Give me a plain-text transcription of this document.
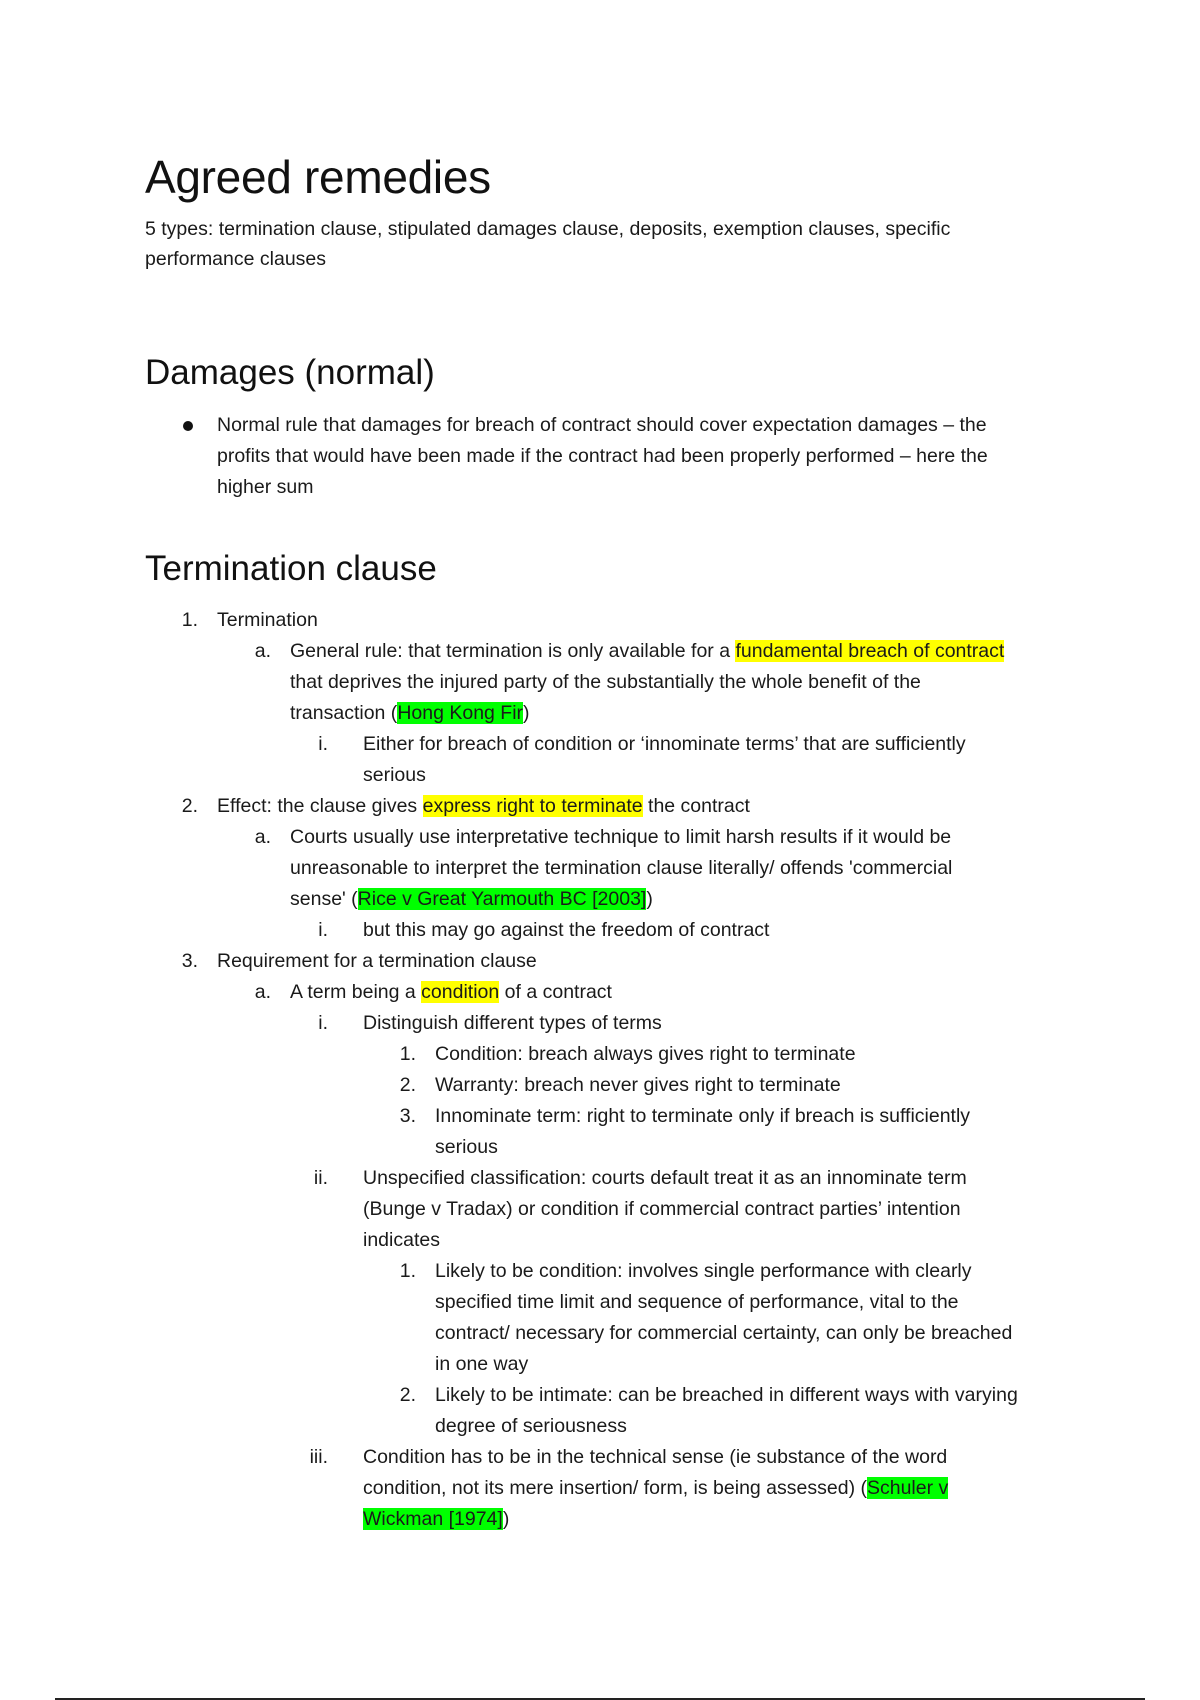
Agreed remedies
5 types: termination clause, stipulated damages clause, deposits, exemption clauses, specific
performance clauses
Damages (normal)
Normal rule that damages for breach of contract should cover expectation damages – the
profits that would have been made if the contract had been properly performed – here the
higher sum
Termination clause
1. Termination
a. General rule: that termination is only available for a fundamental breach of contract
that deprives the injured party of the substantially the whole benefit of the
transaction (Hong Kong Fir)
i. Either for breach of condition or ‘innominate terms’ that are sufficiently
serious
2. Effect: the clause gives express right to terminate the contract
a. Courts usually use interpretative technique to limit harsh results if it would be
unreasonable to interpret the termination clause literally/ offends 'commercial
sense' (Rice v Great Yarmouth BC [2003])
i. but this may go against the freedom of contract
3. Requirement for a termination clause
a. A term being a condition of a contract
i. Distinguish different types of terms
1. Condition: breach always gives right to terminate
2. Warranty: breach never gives right to terminate
3. Innominate term: right to terminate only if breach is sufficiently
serious
ii. Unspecified classification: courts default treat it as an innominate term
(Bunge v Tradax) or condition if commercial contract parties’ intention
indicates
1. Likely to be condition: involves single performance with clearly
specified time limit and sequence of performance, vital to the
contract/ necessary for commercial certainty, can only be breached
in one way
2. Likely to be intimate: can be breached in different ways with varying
degree of seriousness
iii. Condition has to be in the technical sense (ie substance of the word
condition, not its mere insertion/ form, is being assessed) (Schuler v
Wickman [1974])
